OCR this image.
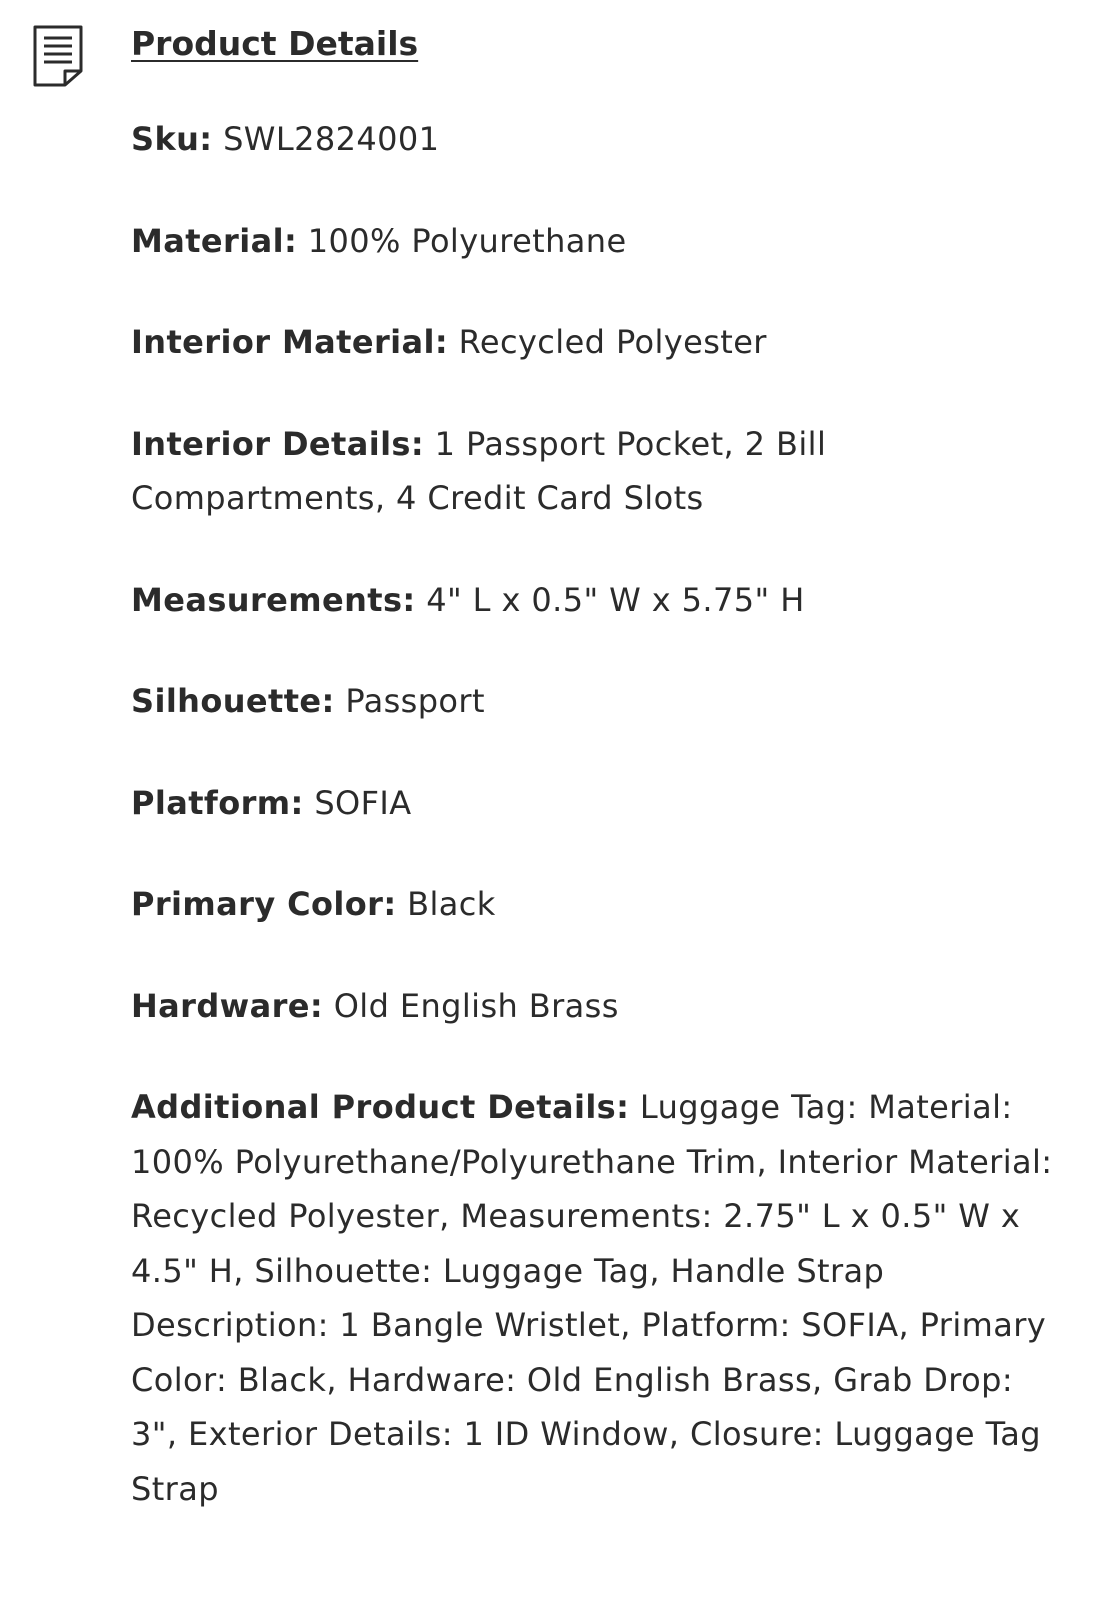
Product Details
Sku: SWL2824001
Material: 100% Polyurethane
Interior Material: Recycled Polyester
Interior Details: 1 Passport Pocket, 2 Bill Compartments, 4 Credit Card Slots
Measurements: 4" L x 0.5" W x 5.75" H
Silhouette: Passport
Platform: SOFIA
Primary Color: Black
Hardware: Old English Brass
Additional Product Details: Luggage Tag: Material: 100% Polyurethane/Polyurethane Trim, Interior Material: Recycled Polyester, Measurements: 2.75" L x 0.5" W x 4.5" H, Silhouette: Luggage Tag, Handle Strap Description: 1 Bangle Wristlet, Platform: SOFIA, Primary Color: Black, Hardware: Old English Brass, Grab Drop: 3", Exterior Details: 1 ID Window, Closure: Luggage Tag Strap
